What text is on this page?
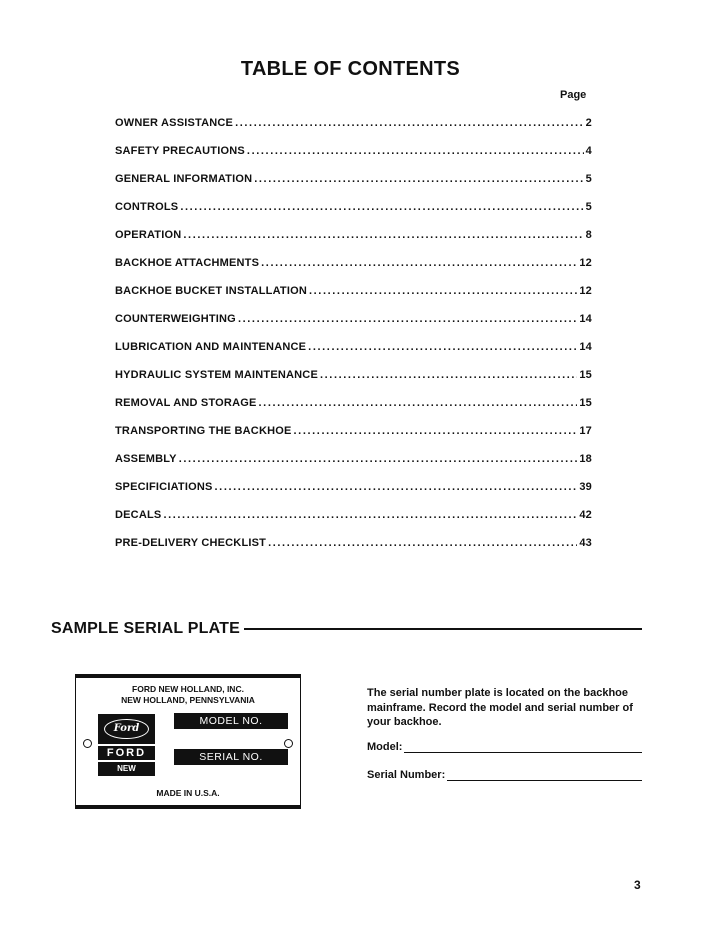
TABLE OF CONTENTS
Page
OWNER ASSISTANCE .....	2
SAFETY PRECAUTIONS .....	4
GENERAL INFORMATION .....	5
CONTROLS .....	5
OPERATION .....	8
BACKHOE ATTACHMENTS .....	12
BACKHOE BUCKET INSTALLATION .....	12
COUNTERWEIGHTING .....	14
LUBRICATION AND MAINTENANCE .....	14
HYDRAULIC SYSTEM MAINTENANCE .....	15
REMOVAL AND STORAGE .....	15
TRANSPORTING THE BACKHOE .....	17
ASSEMBLY .....	18
SPECIFICIATIONS .....	39
DECALS .....	42
PRE-DELIVERY CHECKLIST .....	43
SAMPLE SERIAL PLATE
FORD NEW HOLLAND, INC.
NEW HOLLAND, PENNSYLVANIA
Ford
FORD
NEW HOLLAND
MODEL NO.
SERIAL NO.
MADE IN U.S.A.
The serial number plate is located on the backhoe mainframe. Record the model and serial number of your backhoe.
Model:
Serial Number:
3
